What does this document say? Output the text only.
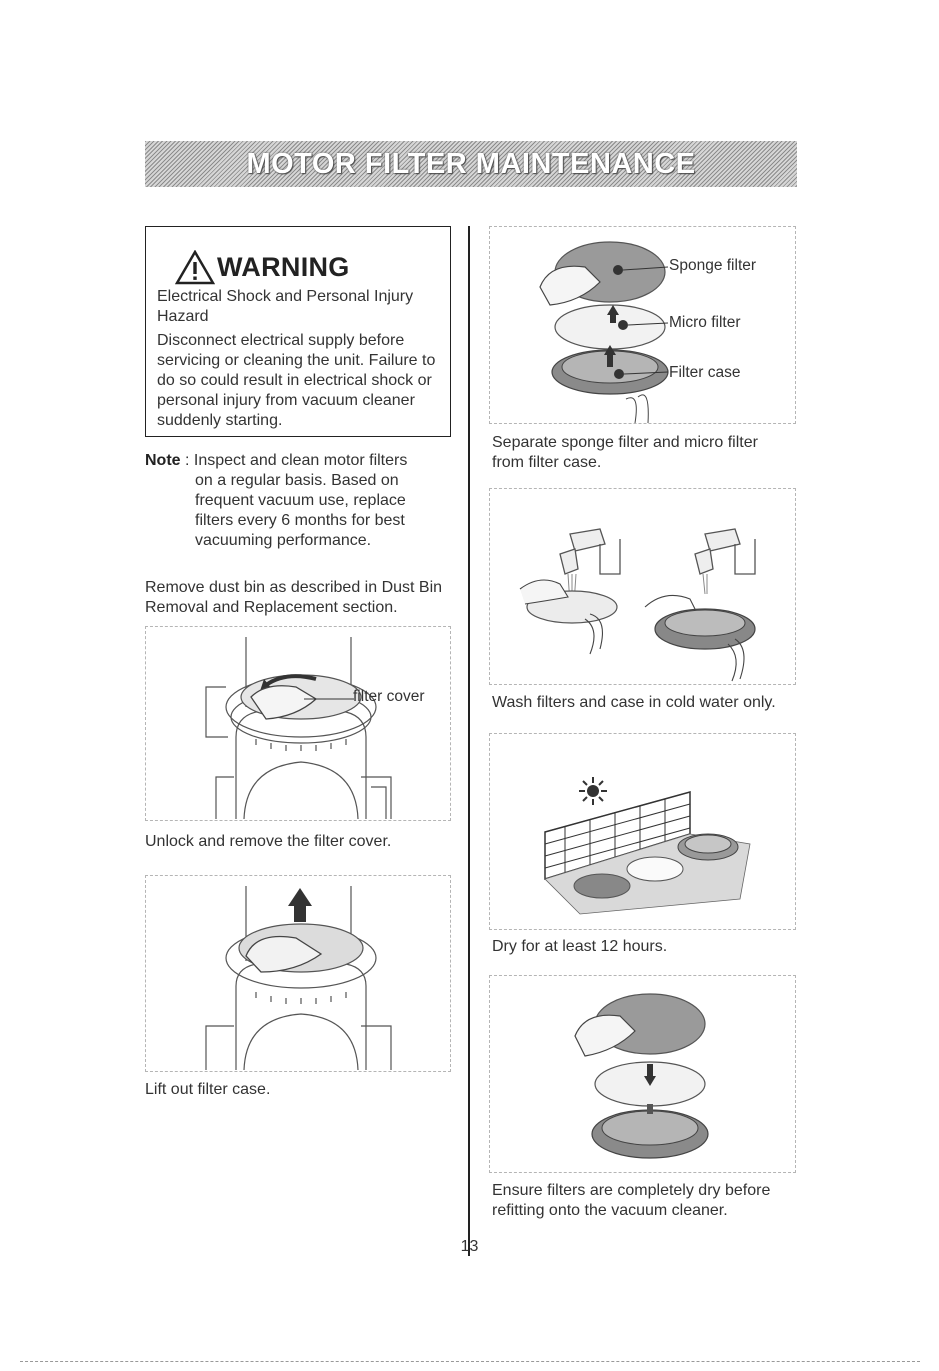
MOTOR FILTER MAINTENANCE
WARNING
Electrical Shock and Personal Injury Hazard
Disconnect electrical supply before servicing or cleaning the unit. Failure to do so could result in electrical shock or personal injury from vacuum cleaner suddenly starting.
Note : Inspect and clean motor filters
on a regular basis. Based on frequent vacuum use, replace filters every 6 months for best vacuuming performance.
Remove dust bin as described in Dust Bin Removal and Replacement section.
filter cover
Unlock and remove the filter cover.
Lift out filter case.
Sponge filter
Micro filter
Filter case
Separate sponge filter and micro filter from filter case.
Wash filters and case in cold water only.
Dry for at least 12 hours.
Ensure filters are completely dry before refitting onto the vacuum cleaner.
13
